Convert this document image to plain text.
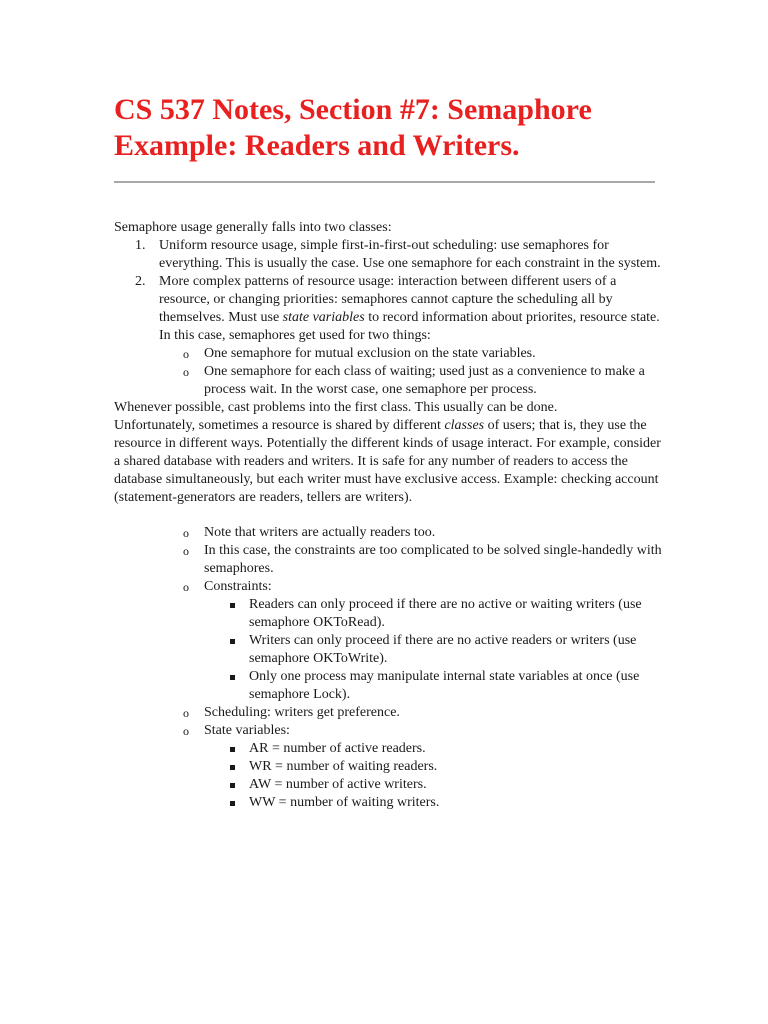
CS 537 Notes, Section #7: Semaphore Example: Readers and Writers.

Semaphore usage generally falls into two classes:

1. Uniform resource usage, simple first-in-first-out scheduling: use semaphores for everything. This is usually the case. Use one semaphore for each constraint in the system.
2. More complex patterns of resource usage: interaction between different users of a resource, or changing priorities: semaphores cannot capture the scheduling all by themselves. Must use state variables to record information about priorites, resource state. In this case, semaphores get used for two things:
o One semaphore for mutual exclusion on the state variables.
o One semaphore for each class of waiting; used just as a convenience to make a process wait. In the worst case, one semaphore per process.

Whenever possible, cast problems into the first class. This usually can be done.

Unfortunately, sometimes a resource is shared by different classes of users; that is, they use the resource in different ways. Potentially the different kinds of usage interact. For example, consider a shared database with readers and writers. It is safe for any number of readers to access the database simultaneously, but each writer must have exclusive access. Example: checking account (statement-generators are readers, tellers are writers).

o Note that writers are actually readers too.
o In this case, the constraints are too complicated to be solved single-handedly with semaphores.
o Constraints:
Readers can only proceed if there are no active or waiting writers (use semaphore OKToRead).
Writers can only proceed if there are no active readers or writers (use semaphore OKToWrite).
Only one process may manipulate internal state variables at once (use semaphore Lock).
o Scheduling: writers get preference.
o State variables:
AR = number of active readers.
WR = number of waiting readers.
AW = number of active writers.
WW = number of waiting writers.
